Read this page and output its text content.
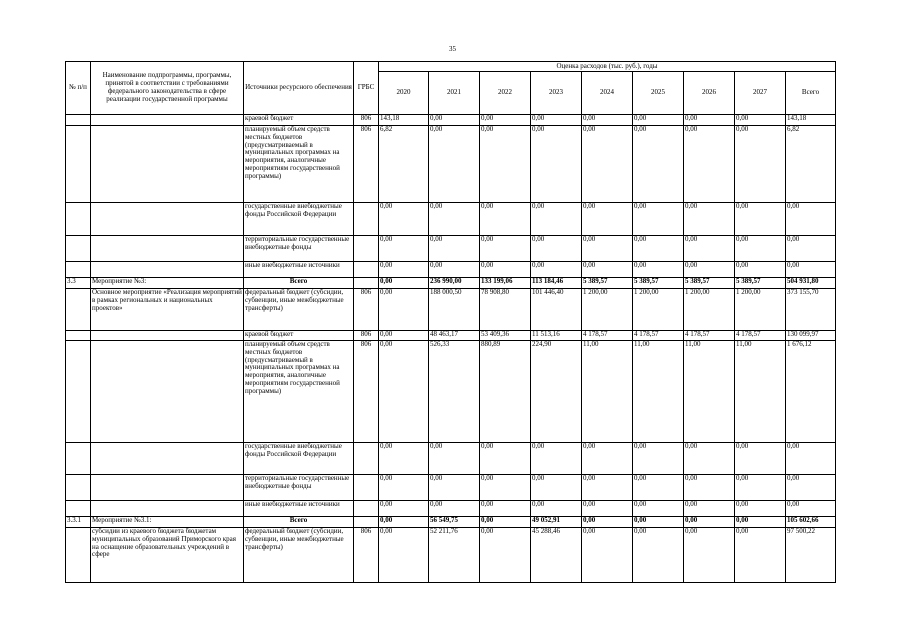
35
№ п/п	Наименование подпрограммы, программы, принятой в соответствии с требованиями федерального законодательства в сфере реализации государственной программы	Источники ресурсного обеспечения	ГРБС	Оценка расходов (тыс. руб.), годы								
				2020	2021	2022	2023	2024	2025	2026	2027	Всего
		краевой бюджет	806	143,18	0,00	0,00	0,00	0,00	0,00	0,00	0,00	143,18
		планируемый объем средств местных бюджетов (предусматриваемый в муниципальных программах на мероприятия, аналогичные мероприятиям государственной программы)	806	6,82	0,00	0,00	0,00	0,00	0,00	0,00	0,00	6,82
		государственные внебюджетные фонды Российской Федерации		0,00	0,00	0,00	0,00	0,00	0,00	0,00	0,00	0,00
		территориальные государственные внебюджетные фонды		0,00	0,00	0,00	0,00	0,00	0,00	0,00	0,00	0,00
		иные внебюджетные источники		0,00	0,00	0,00	0,00	0,00	0,00	0,00	0,00	0,00
3.3	Мероприятие №3:	Всего		0,00	236 990,00	133 199,06	113 184,46	5 389,57	5 389,57	5 389,57	5 389,57	504 931,80
	Основное мероприятие «Реализация мероприятий в рамках региональных и национальных проектов»	федеральный бюджет (субсидии, субвенции, иные межбюджетные трансферты)	806	0,00	188 000,50	78 908,80	101 446,40	1 200,00	1 200,00	1 200,00	1 200,00	373 155,70
		краевой бюджет	806	0,00	48 463,17	53 409,36	11 513,16	4 178,57	4 178,57	4 178,57	4 178,57	130 099,97
		планируемый объем средств местных бюджетов (предусматриваемый в муниципальных программах на мероприятия, аналогичные мероприятиям государственной программы)	806	0,00	526,33	880,89	224,90	11,00	11,00	11,00	11,00	1 676,12
		государственные внебюджетные фонды Российской Федерации		0,00	0,00	0,00	0,00	0,00	0,00	0,00	0,00	0,00
		территориальные государственные внебюджетные фонды		0,00	0,00	0,00	0,00	0,00	0,00	0,00	0,00	0,00
		иные внебюджетные источники		0,00	0,00	0,00	0,00	0,00	0,00	0,00	0,00	0,00
3.3.1	Мероприятие №3.1:	Всего		0,00	56 549,75	0,00	49 052,91	0,00	0,00	0,00	0,00	105 602,66
	субсидии из краевого бюджета бюджетам муниципальных образований Приморского края на оснащение образовательных учреждений в сфере	федеральный бюджет (субсидии, субвенции, иные межбюджетные трансферты)	806	0,00	52 211,76	0,00	45 288,46	0,00	0,00	0,00	0,00	97 500,22
